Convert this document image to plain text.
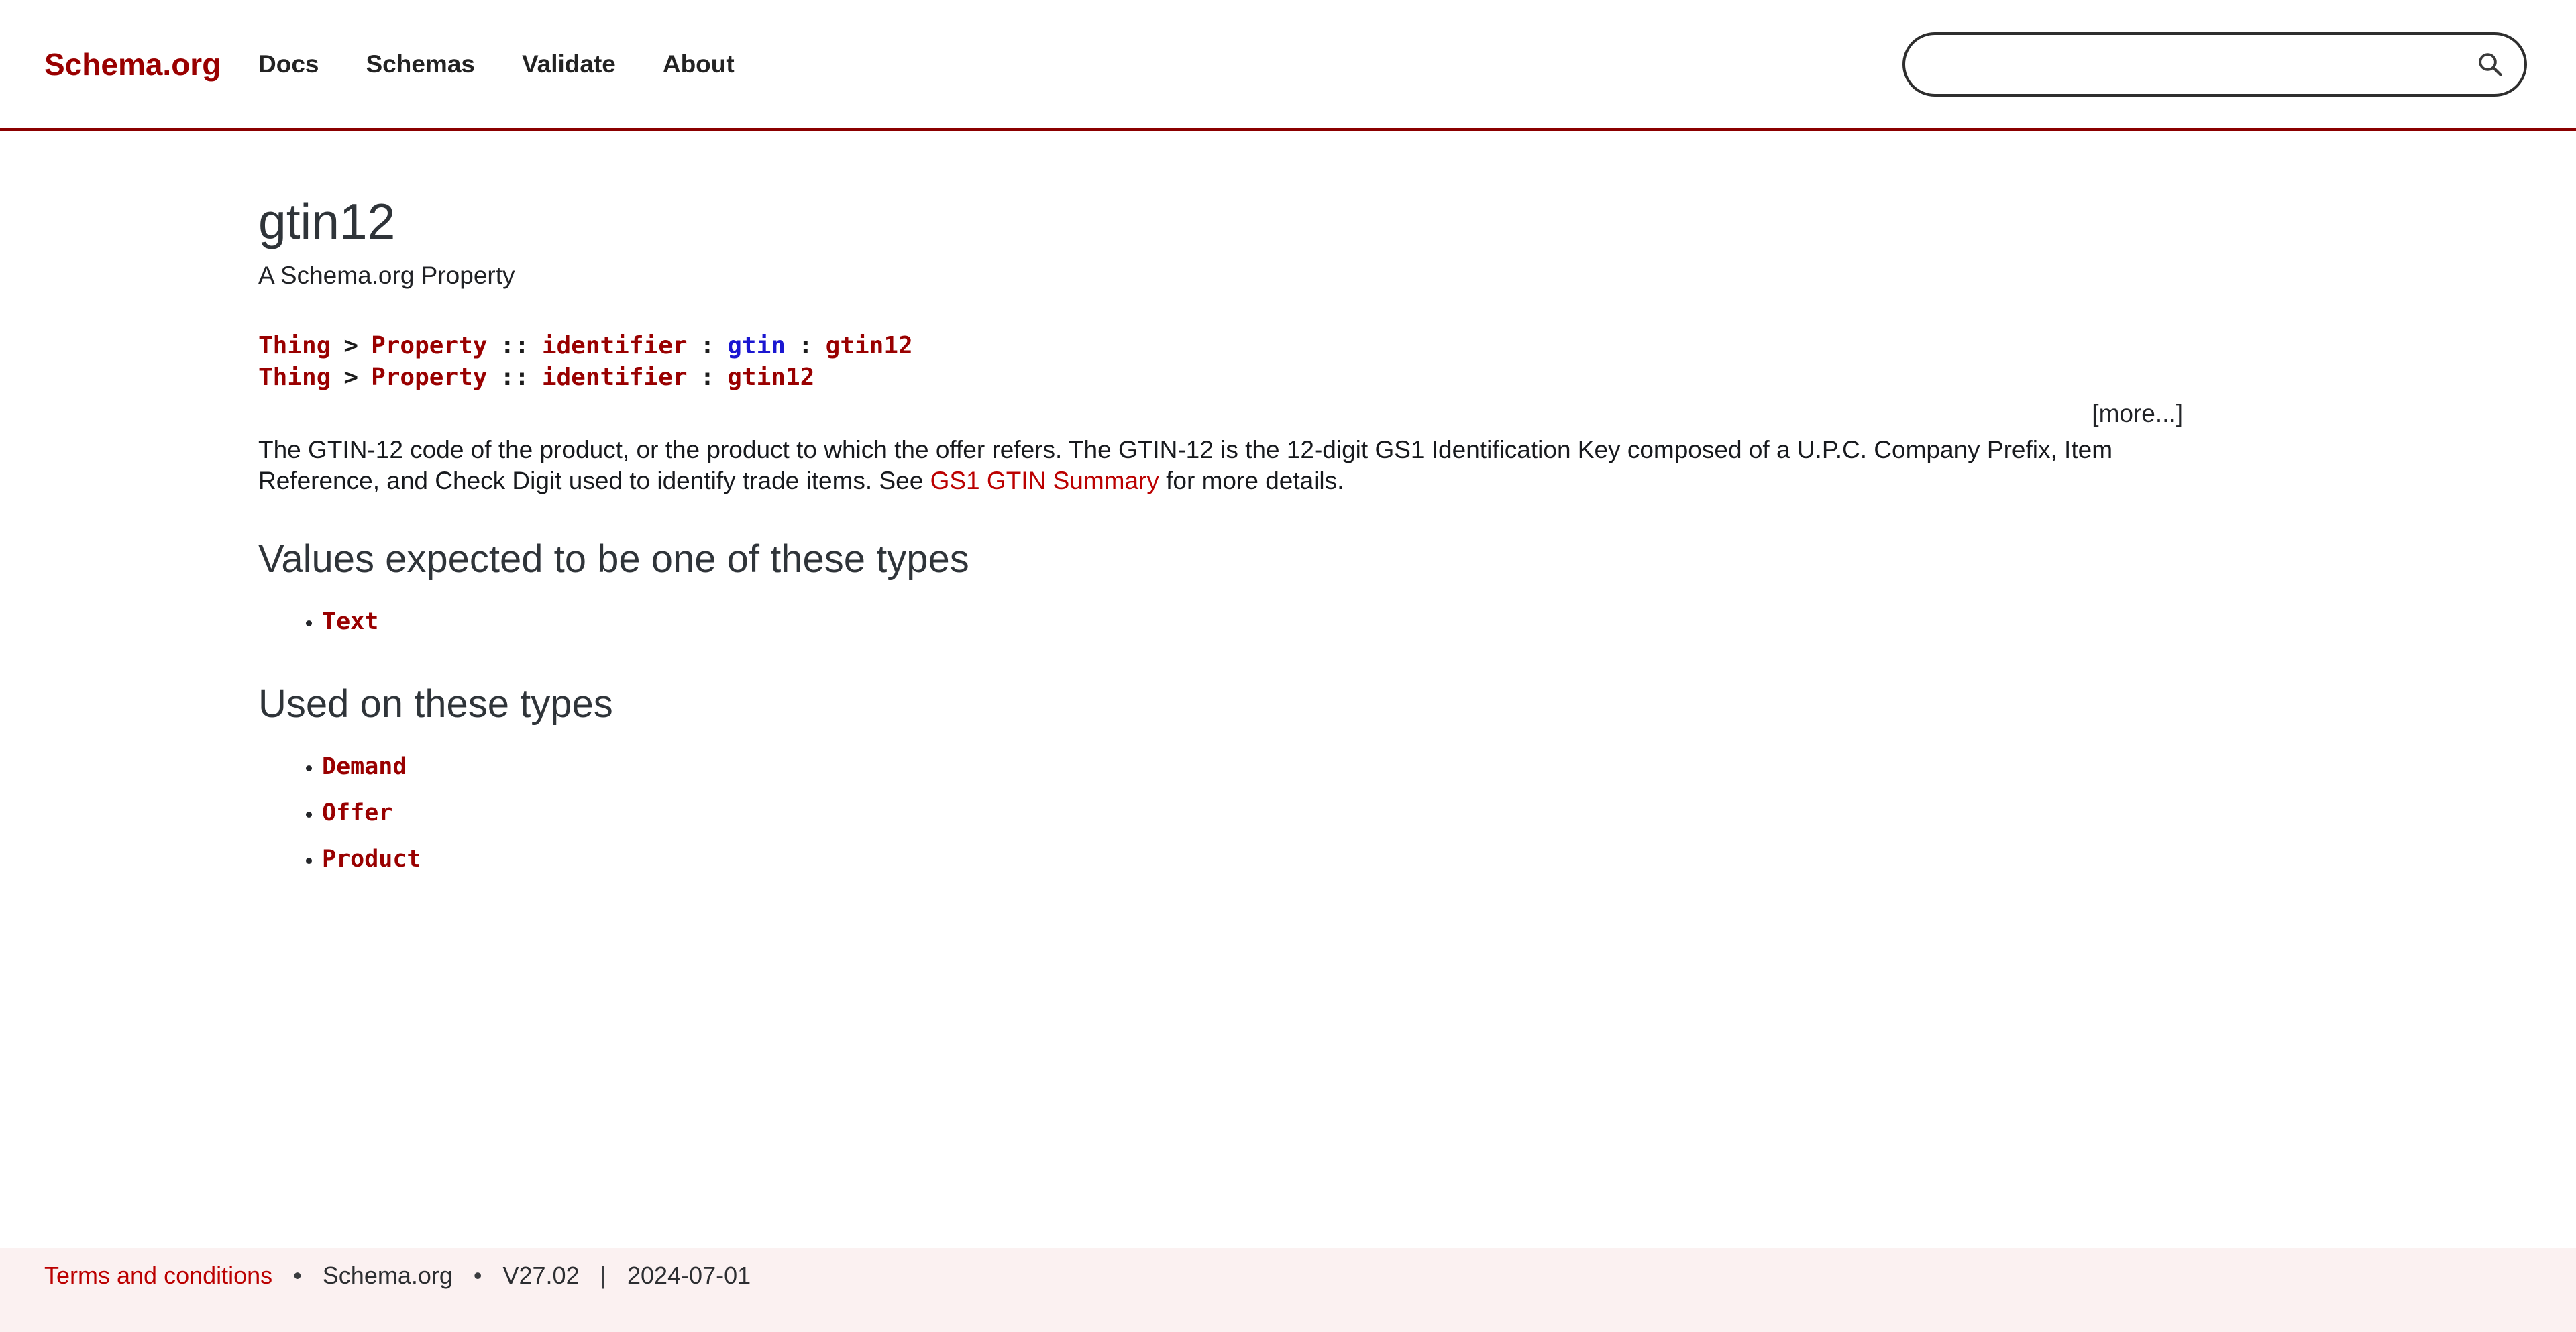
Schema.org	Docs Schemas Validate About
gtin12

A Schema.org Property

Thing > Property :: identifier : gtin : gtin12
Thing > Property :: identifier : gtin12
[more...]

The GTIN-12 code of the product, or the product to which the offer refers. The GTIN-12 is the 12-digit GS1 Identification Key composed of a U.P.C. Company Prefix, Item Reference, and Check Digit used to identify trade items. See GS1 GTIN Summary for more details.

Values expected to be one of these types
• Text
Used on these types
• Demand
• Offer
• Product
Terms and conditions • Schema.org • V27.02 | 2024-07-01
